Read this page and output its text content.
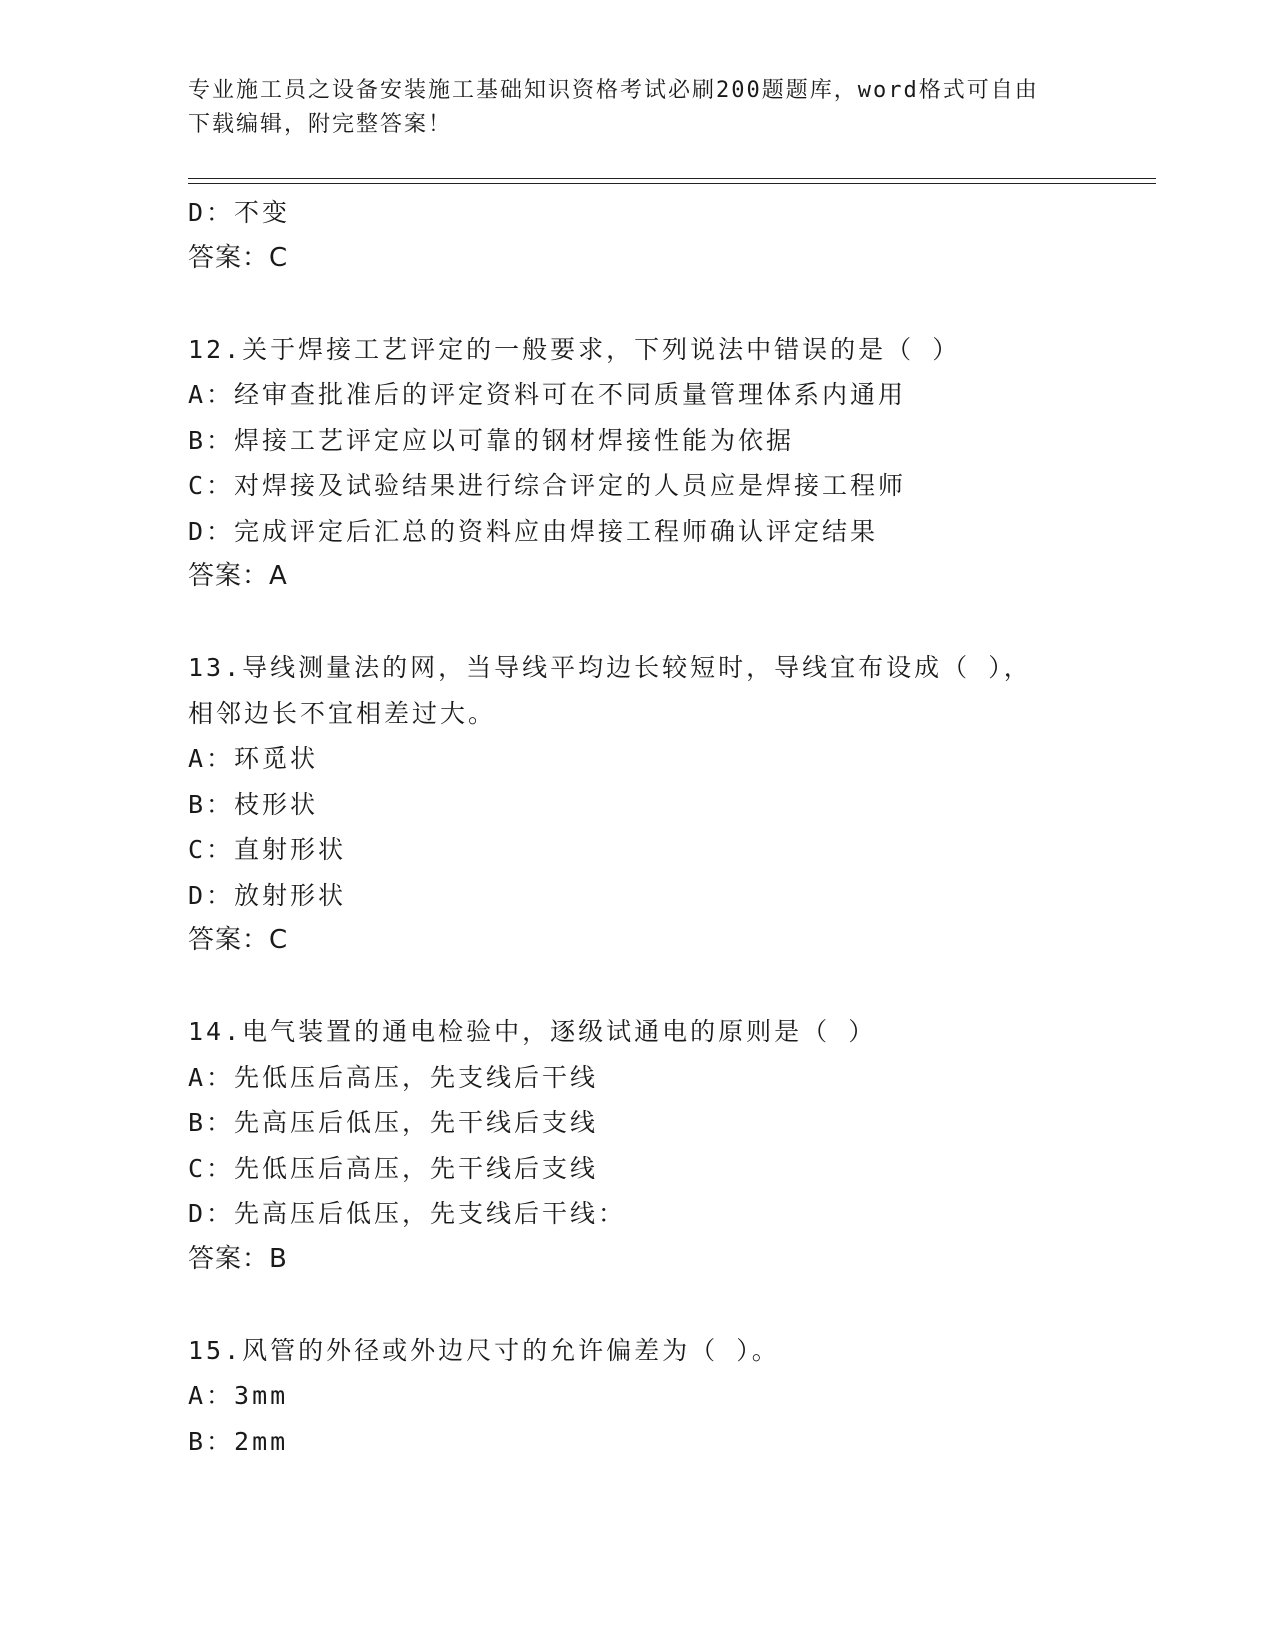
专业施工员之设备安装施工基础知识资格考试必刷200题题库，word格式可自由
下载编辑，附完整答案！
D：不变
答案：C
12.关于焊接工艺评定的一般要求，下列说法中错误的是（ ）
A：经审查批准后的评定资料可在不同质量管理体系内通用
B：焊接工艺评定应以可靠的钢材焊接性能为依据
C：对焊接及试验结果进行综合评定的人员应是焊接工程师
D：完成评定后汇总的资料应由焊接工程师确认评定结果
答案：A
13.导线测量法的网，当导线平均边长较短时，导线宜布设成（ ），
相邻边长不宜相差过大。
A：环觅状
B：枝形状
C：直射形状
D：放射形状
答案：C
14.电气装置的通电检验中，逐级试通电的原则是（ ）
A：先低压后高压，先支线后干线
B：先高压后低压，先干线后支线
C：先低压后高压，先干线后支线
D：先高压后低压，先支线后干线：
答案：B
15.风管的外径或外边尺寸的允许偏差为（ ）。
A：3mm
B：2mm
